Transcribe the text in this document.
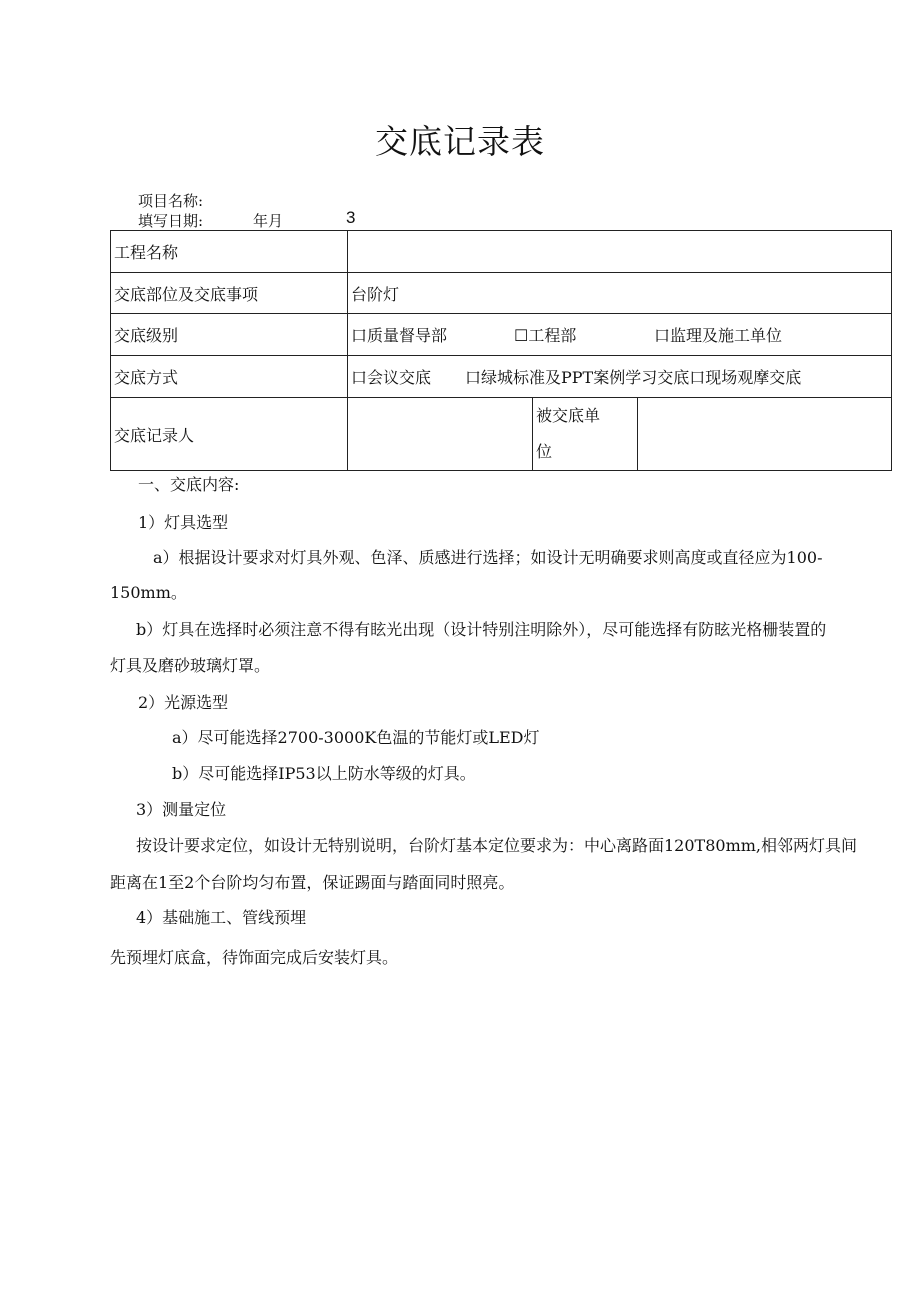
交底记录表
项目名称:
填写日期:	年月	3
工程名称			
交底部位及交底事项	台阶灯		
交底级别	口质量督导部 ☐工程部 口监理及施工单位		
交底方式	口会议交底 口绿城标准及PPT案例学习交底口现场观摩交底		
交底记录人		被交底单
位	

一、交底内容:
1）灯具选型
a）根据设计要求对灯具外观、色泽、质感进行选择；如设计无明确要求则高度或直径应为100-
150mm。
b）灯具在选择时必须注意不得有眩光出现（设计特别注明除外），尽可能选择有防眩光格栅装置的
灯具及磨砂玻璃灯罩。
2）光源选型
a）尽可能选择2700-3000K色温的节能灯或LED灯
b）尽可能选择IP53以上防水等级的灯具。
3）测量定位
按设计要求定位，如设计无特别说明，台阶灯基本定位要求为：中心离路面120T80mm,相邻两灯具间
距离在1至2个台阶均匀布置，保证踢面与踏面同时照亮。
4）基础施工、管线预埋
先预埋灯底盒，待饰面完成后安装灯具。
